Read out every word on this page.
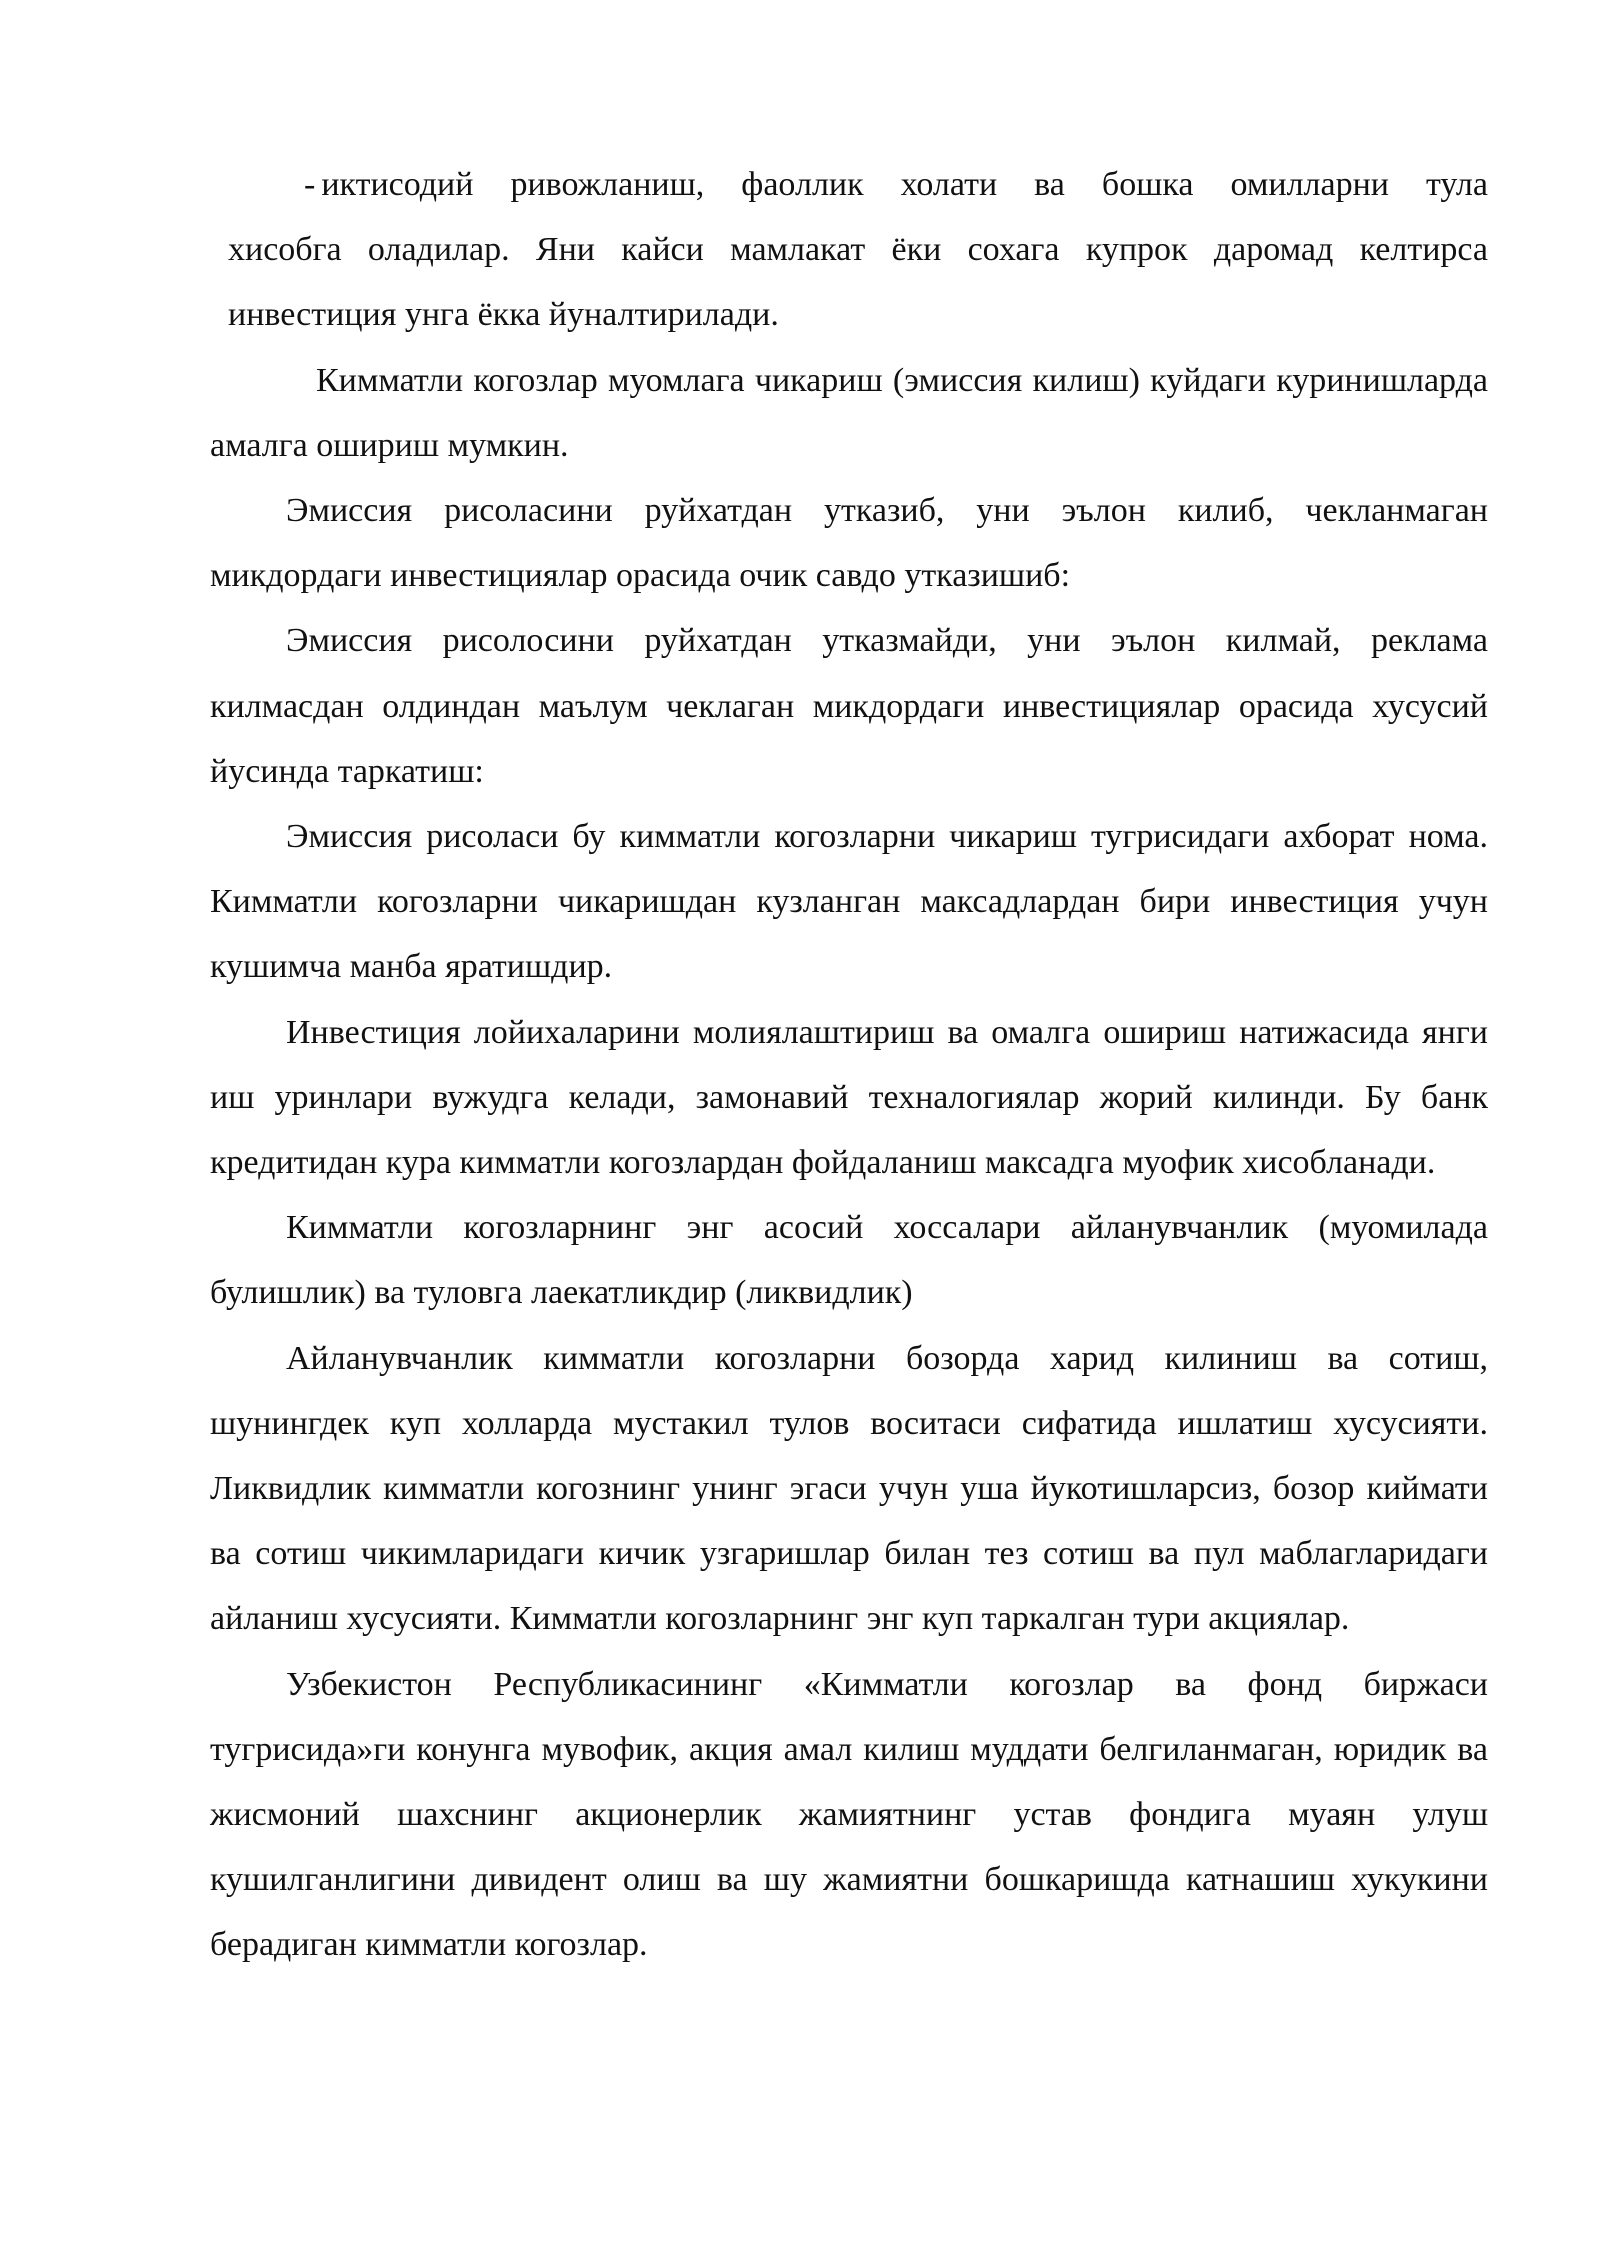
- иктисодий ривожланиш, фаоллик холати ва бошка омилларни тула
хисобга оладилар. Яни кайси мамлакат ёки сохага купрок даромад келтирса инвестиция унга ёкка йуналтирилади.

Кимматли когозлар муомлага чикариш (эмиссия килиш) куйдаги куринишларда амалга ошириш мумкин.

Эмиссия рисоласини руйхатдан утказиб, уни эълон килиб, чекланмаган микдордаги инвестициялар орасида очик савдо утказишиб:

Эмиссия рисолосини руйхатдан утказмайди, уни эълон килмай, реклама килмасдан олдиндан маълум чеклаган микдордаги инвестициялар орасида хусусий йусинда таркатиш:

Эмиссия рисоласи бу кимматли когозларни чикариш тугрисидаги ахборат нома. Кимматли когозларни чикаришдан кузланган максадлардан бири инвестиция учун кушимча манба яратишдир.

Инвестиция лойихаларини молиялаштириш ва омалга ошириш натижасида янги иш уринлари вужудга келади, замонавий техналогиялар жорий килинди. Бу банк кредитидан кура кимматли когозлардан фойдаланиш максадга муофик хисобланади.

Кимматли когозларнинг энг асосий хоссалари айланувчанлик (муомилада булишлик) ва туловга лаекатликдир (ликвидлик)

Айланувчанлик кимматли когозларни бозорда харид килиниш ва сотиш, шунингдек куп холларда мустакил тулов воситаси сифатида ишлатиш хусусияти. Ликвидлик кимматли когознинг унинг эгаси учун уша йукотишларсиз, бозор киймати ва сотиш чикимларидаги кичик узгаришлар билан тез сотиш ва пул маблагларидаги айланиш хусусияти. Кимматли когозларнинг энг куп таркалган тури акциялар.

Узбекистон Республикасининг «Кимматли когозлар ва фонд биржаси тугрисида»ги конунга мувофик, акция амал килиш муддати белгиланмаган, юридик ва жисмоний шахснинг акционерлик жамиятнинг устав фондига муаян улуш кушилганлигини дивидент олиш ва шу жамиятни бошкаришда катнашиш хукукини берадиган кимматли когозлар.
